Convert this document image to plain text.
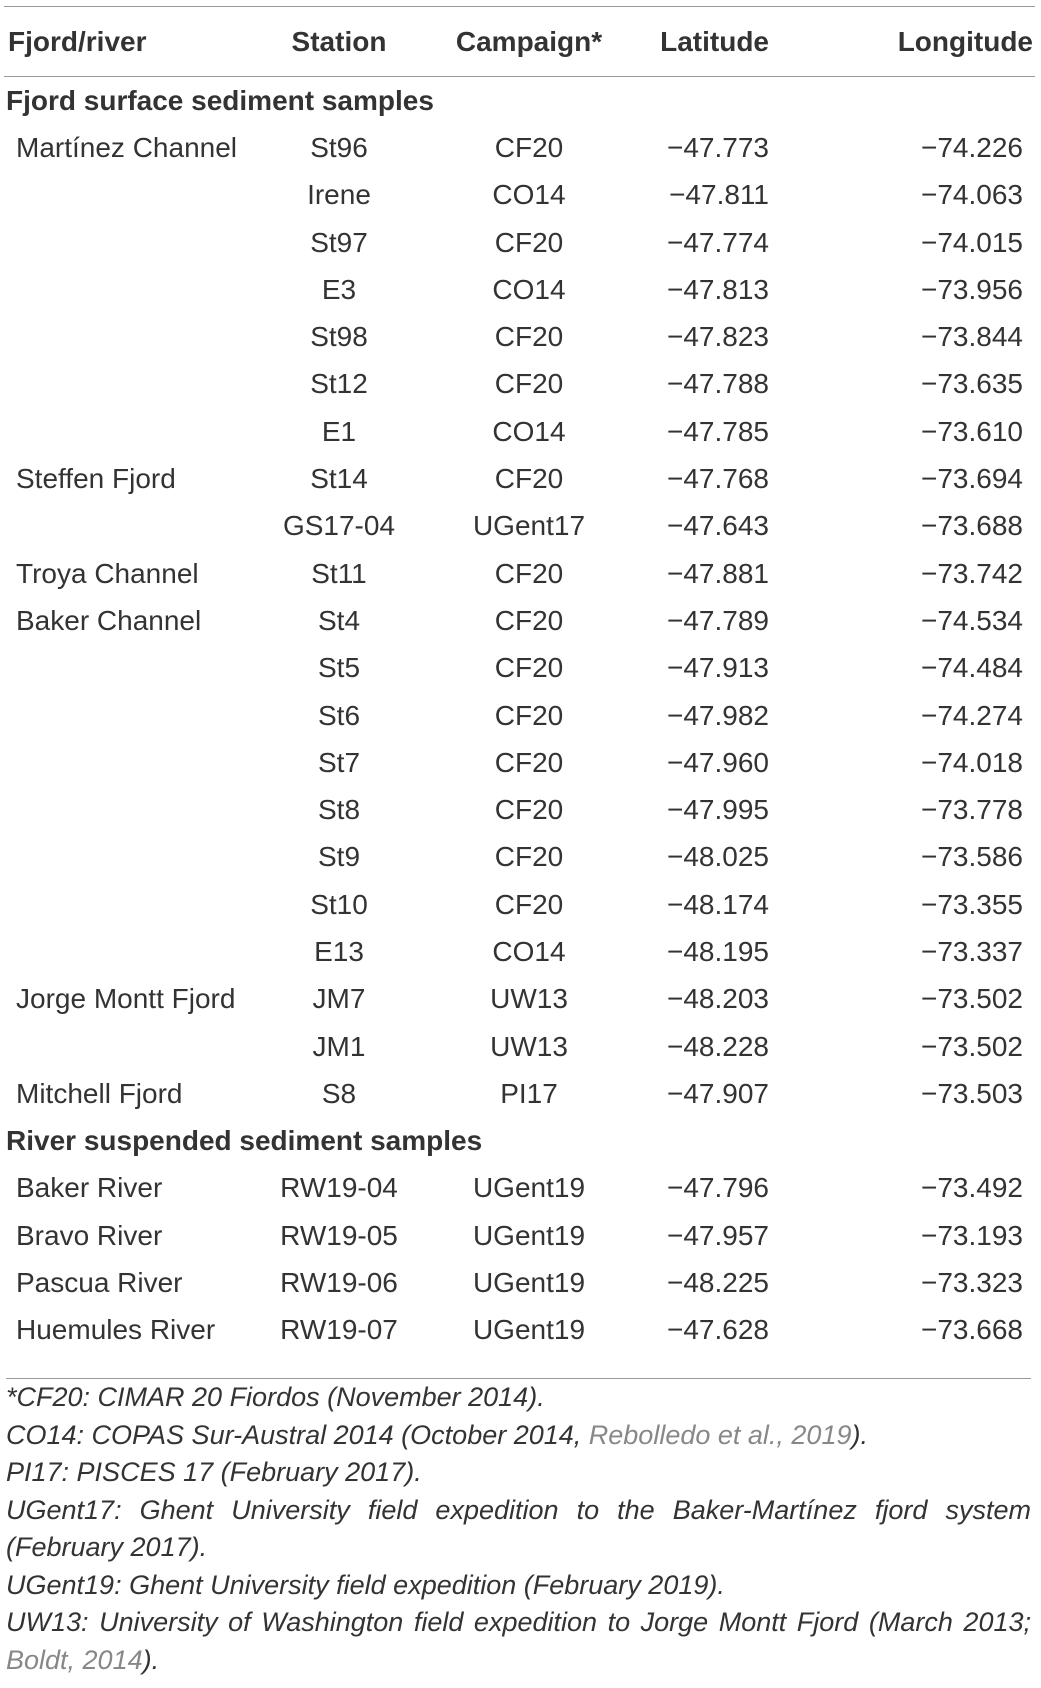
Fjord/river	Station	Campaign*	Latitude	Longitude
Fjord surface sediment samples				
Martínez Channel	St96	CF20	−47.773	−74.226
	Irene	CO14	−47.811	−74.063
	St97	CF20	−47.774	−74.015
	E3	CO14	−47.813	−73.956
	St98	CF20	−47.823	−73.844
	St12	CF20	−47.788	−73.635
	E1	CO14	−47.785	−73.610
Steffen Fjord	St14	CF20	−47.768	−73.694
	GS17-04	UGent17	−47.643	−73.688
Troya Channel	St11	CF20	−47.881	−73.742
Baker Channel	St4	CF20	−47.789	−74.534
	St5	CF20	−47.913	−74.484
	St6	CF20	−47.982	−74.274
	St7	CF20	−47.960	−74.018
	St8	CF20	−47.995	−73.778
	St9	CF20	−48.025	−73.586
	St10	CF20	−48.174	−73.355
	E13	CO14	−48.195	−73.337
Jorge Montt Fjord	JM7	UW13	−48.203	−73.502
	JM1	UW13	−48.228	−73.502
Mitchell Fjord	S8	PI17	−47.907	−73.503
River suspended sediment samples				
Baker River	RW19-04	UGent19	−47.796	−73.492
Bravo River	RW19-05	UGent19	−47.957	−73.193
Pascua River	RW19-06	UGent19	−48.225	−73.323
Huemules River	RW19-07	UGent19	−47.628	−73.668

*CF20: CIMAR 20 Fiordos (November 2014).

CO14: COPAS Sur-Austral 2014 (October 2014, Rebolledo et al., 2019).

PI17: PISCES 17 (February 2017).

UGent17: Ghent University field expedition to the Baker-Martínez fjord system

(February 2017).

UGent19: Ghent University field expedition (February 2019).

UW13: University of Washington field expedition to Jorge Montt Fjord (March 2013;

Boldt, 2014).
